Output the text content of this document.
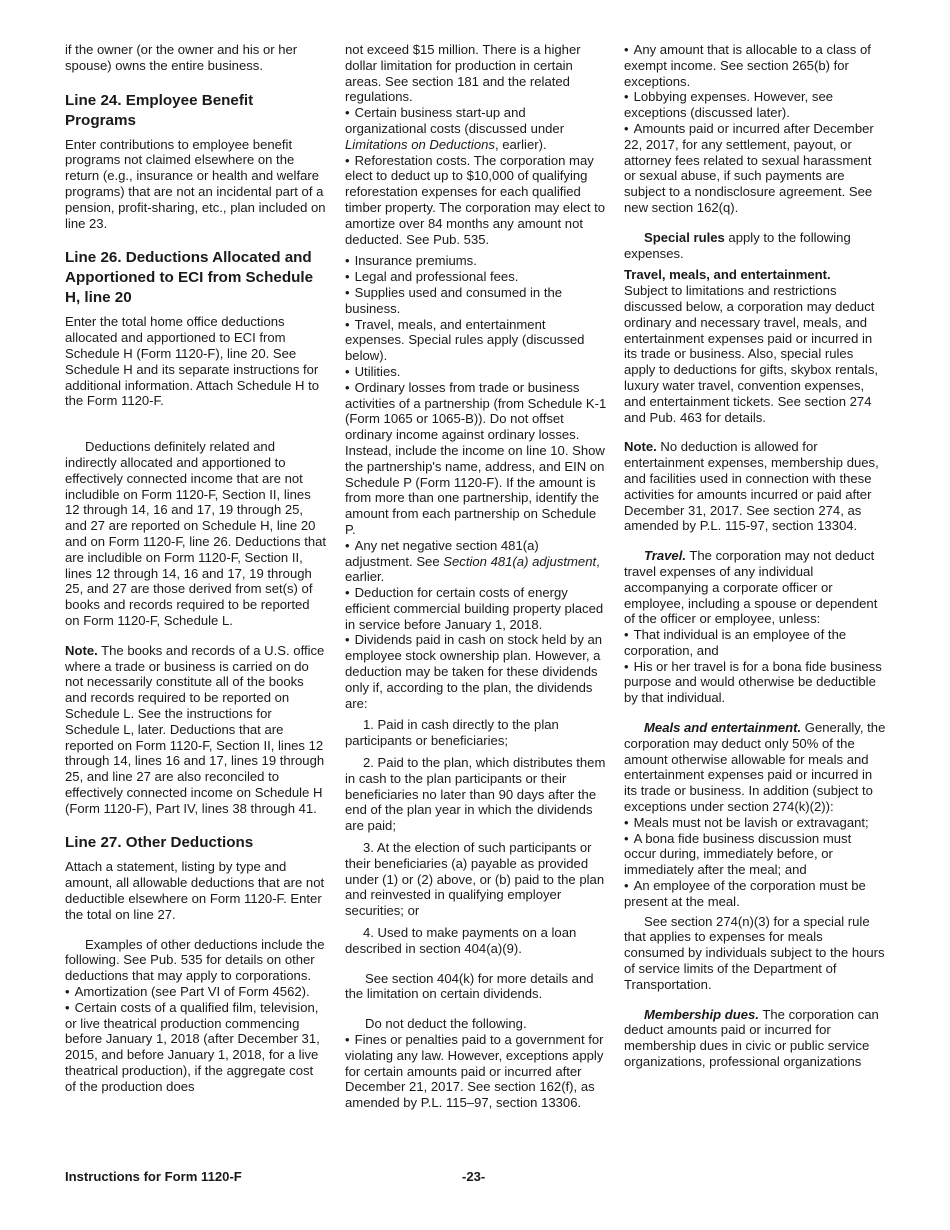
if the owner (or the owner and his or her spouse) owns the entire business.

Line 24. Employee Benefit Programs

Enter contributions to employee benefit programs not claimed elsewhere on the return (e.g., insurance or health and welfare programs) that are not an incidental part of a pension, profit-sharing, etc., plan included on line 23.

Line 26. Deductions Allocated and Apportioned to ECI from Schedule H, line 20

Enter the total home office deductions allocated and apportioned to ECI from Schedule H (Form 1120-F), line 20. See Schedule H and its separate instructions for additional information. Attach Schedule H to the Form 1120-F.

Deductions definitely related and indirectly allocated and apportioned to effectively connected income that are not includible on Form 1120-F, Section II, lines 12 through 14, 16 and 17, 19 through 25, and 27 are reported on Schedule H, line 20 and on Form 1120-F, line 26. Deductions that are includible on Form 1120-F, Section II, lines 12 through 14, 16 and 17, 19 through 25, and 27 are those derived from set(s) of books and records required to be reported on Form 1120-F, Schedule L.

Note. The books and records of a U.S. office where a trade or business is carried on do not necessarily constitute all of the books and records required to be reported on Schedule L. See the instructions for Schedule L, later. Deductions that are reported on Form 1120-F, Section II, lines 12 through 14, lines 16 and 17, lines 19 through 25, and line 27 are also reconciled to effectively connected income on Schedule H (Form 1120-F), Part IV, lines 38 through 41.

Line 27. Other Deductions

Attach a statement, listing by type and amount, all allowable deductions that are not deductible elsewhere on Form 1120-F. Enter the total on line 27.

Examples of other deductions include the following. See Pub. 535 for details on other deductions that may apply to corporations.

• Amortization (see Part VI of Form 4562).

• Certain costs of a qualified film, television, or live theatrical production commencing before January 1, 2018 (after December 31, 2015, and before January 1, 2018, for a live theatrical production), if the aggregate cost of the production does

not exceed $15 million. There is a higher dollar limitation for production in certain areas. See section 181 and the related regulations.

• Certain business start-up and organizational costs (discussed under Limitations on Deductions, earlier).

• Reforestation costs. The corporation may elect to deduct up to $10,000 of qualifying reforestation expenses for each qualified timber property. The corporation may elect to amortize over 84 months any amount not deducted. See Pub. 535.

• Insurance premiums.

• Legal and professional fees.

• Supplies used and consumed in the business.

• Travel, meals, and entertainment expenses. Special rules apply (discussed below).

• Utilities.

• Ordinary losses from trade or business activities of a partnership (from Schedule K-1 (Form 1065 or 1065-B)). Do not offset ordinary income against ordinary losses. Instead, include the income on line 10. Show the partnership's name, address, and EIN on Schedule P (Form 1120-F). If the amount is from more than one partnership, identify the amount from each partnership on Schedule P.

• Any net negative section 481(a) adjustment. See Section 481(a) adjustment, earlier.

• Deduction for certain costs of energy efficient commercial building property placed in service before January 1, 2018.

• Dividends paid in cash on stock held by an employee stock ownership plan. However, a deduction may be taken for these dividends only if, according to the plan, the dividends are:

1. Paid in cash directly to the plan participants or beneficiaries;

2. Paid to the plan, which distributes them in cash to the plan participants or their beneficiaries no later than 90 days after the end of the plan year in which the dividends are paid;

3. At the election of such participants or their beneficiaries (a) payable as provided under (1) or (2) above, or (b) paid to the plan and reinvested in qualifying employer securities; or

4. Used to make payments on a loan described in section 404(a)(9).

See section 404(k) for more details and the limitation on certain dividends.

Do not deduct the following.

• Fines or penalties paid to a government for violating any law. However, exceptions apply for certain amounts paid or incurred after December 21, 2017. See section 162(f), as amended by P.L. 115–97, section 13306.

• Any amount that is allocable to a class of exempt income. See section 265(b) for exceptions.

• Lobbying expenses. However, see exceptions (discussed later).

• Amounts paid or incurred after December 22, 2017, for any settlement, payout, or attorney fees related to sexual harassment or sexual abuse, if such payments are subject to a nondisclosure agreement. See new section 162(q).

Special rules apply to the following expenses.

Travel, meals, and entertainment.

Subject to limitations and restrictions discussed below, a corporation may deduct ordinary and necessary travel, meals, and entertainment expenses paid or incurred in its trade or business. Also, special rules apply to deductions for gifts, skybox rentals, luxury water travel, convention expenses, and entertainment tickets. See section 274 and Pub. 463 for details.

Note. No deduction is allowed for entertainment expenses, membership dues, and facilities used in connection with these activities for amounts incurred or paid after December 31, 2017. See section 274, as amended by P.L. 115-97, section 13304.

Travel. The corporation may not deduct travel expenses of any individual accompanying a corporate officer or employee, including a spouse or dependent of the officer or employee, unless:

• That individual is an employee of the corporation, and

• His or her travel is for a bona fide business purpose and would otherwise be deductible by that individual.

Meals and entertainment. Generally, the corporation may deduct only 50% of the amount otherwise allowable for meals and entertainment expenses paid or incurred in its trade or business. In addition (subject to exceptions under section 274(k)(2)):

• Meals must not be lavish or extravagant;

• A bona fide business discussion must occur during, immediately before, or immediately after the meal; and

• An employee of the corporation must be present at the meal.

See section 274(n)(3) for a special rule that applies to expenses for meals consumed by individuals subject to the hours of service limits of the Department of Transportation.

Membership dues. The corporation can deduct amounts paid or incurred for membership dues in civic or public service organizations, professional organizations

Instructions for Form 1120-F	-23-
